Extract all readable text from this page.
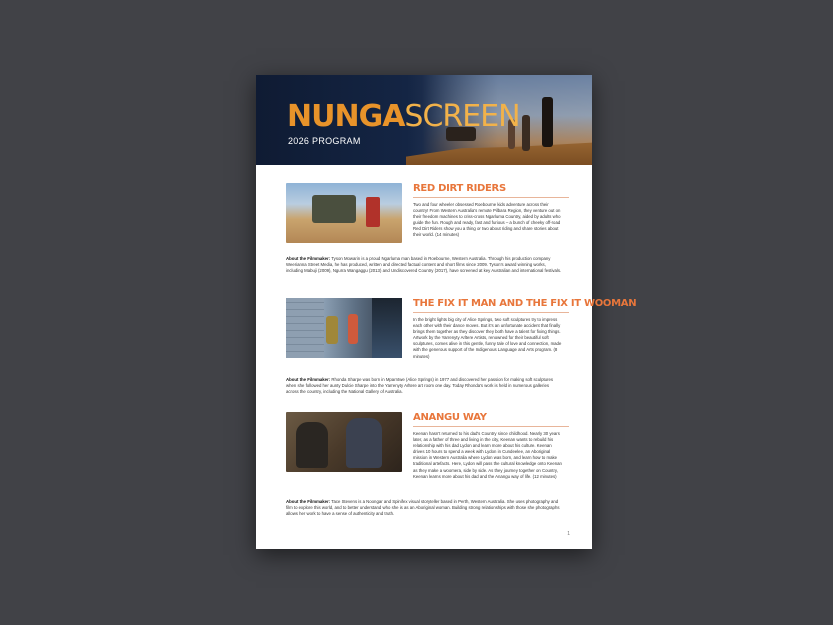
NUNGASCREEN
2026 PROGRAM
RED DIRT RIDERS
Two and four wheeler obsessed Roebourne kids adventure across their country! From Western Australia's remote Pilbara Region, they venture out on their freedom machines to criss-cross Ngarluma Country, aided by adults who guide the fun. Rough and ready, fast and furious – a bunch of cheeky off-road Red Dirt Riders show you a thing or two about riding and share stories about their world. (14 minutes)
About the Filmmaker: Tyson Mowarin is a proud Ngarluma man based in Roebourne, Western Australia. Through his production company Weerianna Street Media, he has produced, written and directed factual content and short films since 2009. Tyson's award winning works, including Mabuji (2009), Ngurra Wangaggu (2013) and Undiscovered Country (2017), have screened at key Australian and international festivals.
THE FIX IT MAN AND THE FIX IT WOOMAN
In the bright lights big city of Alice Springs, two soft sculptures try to impress each other with their dance moves. But it's an unfortunate accident that finally brings them together as they discover they both have a talent for fixing things. Artwork by the Yarrenyty Arltere Artists, renowned for their beautiful soft sculptures, comes alive in this gentle, funny tale of love and connection, made with the generous support of the Indigenous Language and Arts program. (8 minutes)
About the Filmmaker: Rhonda Sharpe was born in Mparntwe (Alice Springs) in 1977 and discovered her passion for making soft sculptures when she followed her aunty Dulcie Sharpe into the Yarrenyty Arltere art room one day. Today Rhonda's work is held in numerous galleries across the country, including the National Gallery of Australia.
ANANGU WAY
Keenan hasn't returned to his dad's Country since childhood. Nearly 30 years later, as a father of three and living in the city, Keenan wants to rebuild his relationship with his dad Lydon and learn more about his culture. Keenan drives 10 hours to spend a week with Lydon in Cundeelee, an Aboriginal mission in Western Australia where Lydon was born, and learn how to make traditional artefacts. Here, Lydon will pass the cultural knowledge onto Keenan as they make a woomera, side by side. As they journey together on Country, Keenan learns more about his dad and the Anangu way of life. (12 minutes)
About the Filmmaker: Tace Stevens is a Noongar and Spinifex visual storyteller based in Perth, Western Australia. She uses photography and film to explore this world, and to better understand who she is as an Aboriginal woman. Building strong relationships with those she photographs allows her work to have a sense of authenticity and truth.
1
